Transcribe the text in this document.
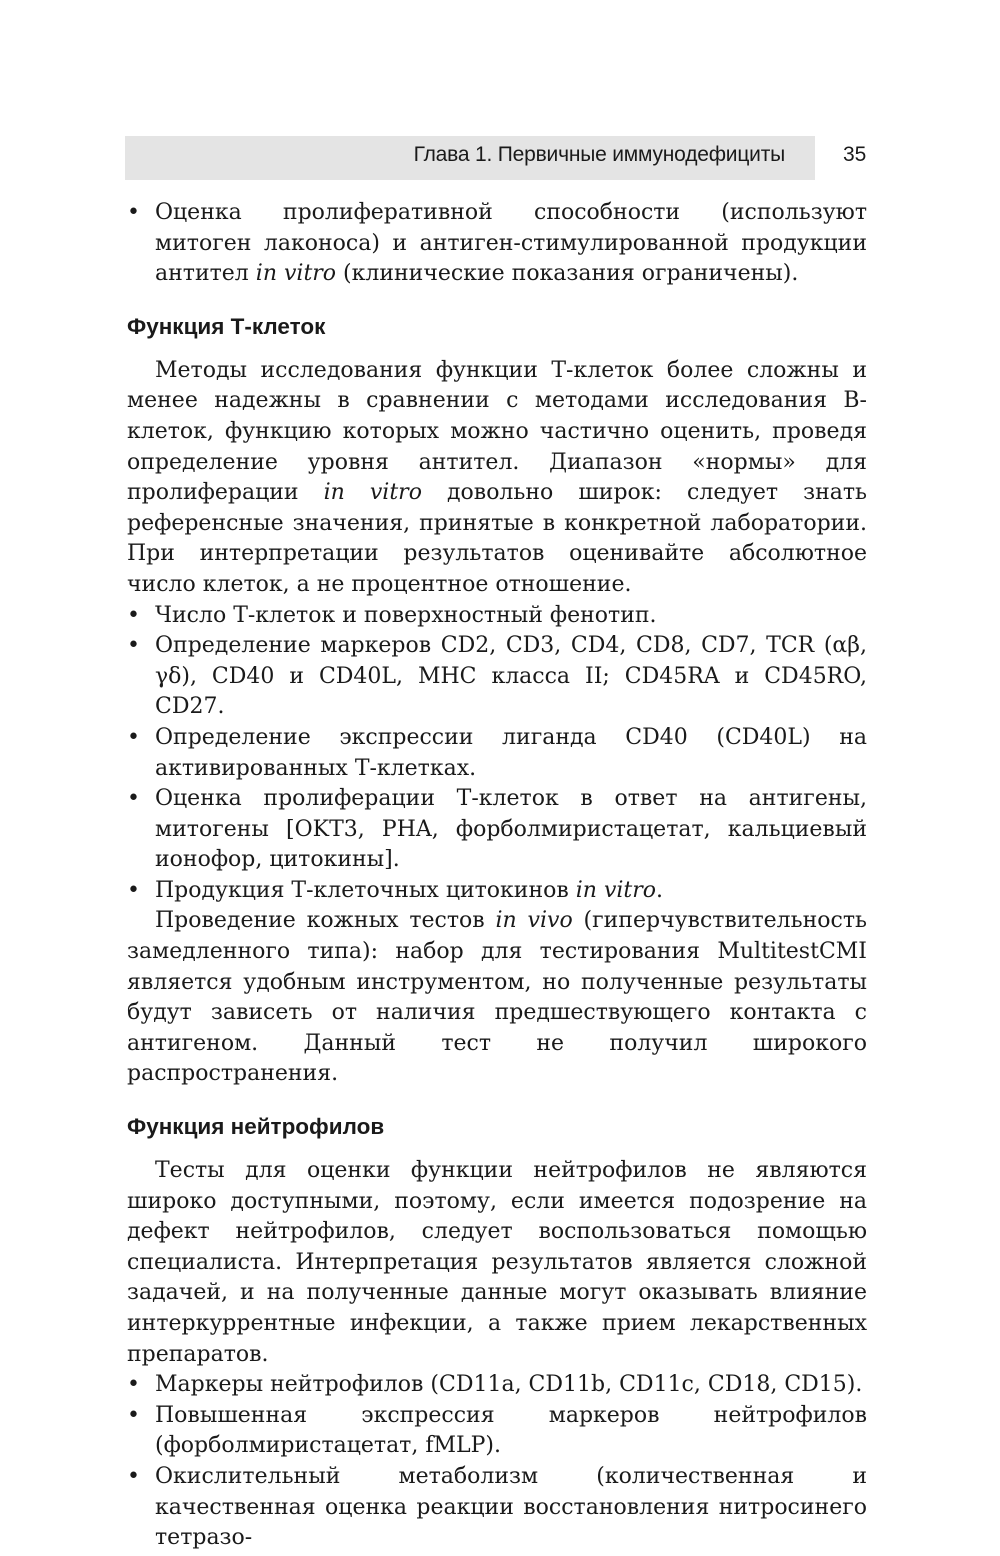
Глава 1. Первичные иммунодефициты	35

• Оценка пролиферативной способности (используют митоген лаконоса) и антиген-стимулированной продукции антител in vitro (клинические показания ограничены).

Функция Т-клеток

Методы исследования функции Т-клеток более сложны и менее надежны в сравнении с методами исследования В-клеток, функцию которых можно частично оценить, проведя определение уровня антител. Диапазон «нормы» для пролиферации in vitro довольно широк: следует знать референсные значения, принятые в конкретной лаборатории. При интерпретации результатов оценивайте абсолютное число клеток, а не процентное отношение.

• Число Т-клеток и поверхностный фенотип.

• Определение маркеров CD2, CD3, CD4, CD8, CD7, TCR (αβ, γδ), CD40 и CD40L, MHC класса II; CD45RA и CD45RO, CD27.

• Определение экспрессии лиганда CD40 (CD40L) на активированных Т-клетках.

• Оценка пролиферации Т-клеток в ответ на антигены, митогены [OKT3, PHA, форболмиристацетат, кальциевый ионофор, цитокины].

• Продукция Т-клеточных цитокинов in vitro.

Проведение кожных тестов in vivo (гиперчувствительность замедленного типа): набор для тестирования MultitestCMI является удобным инструментом, но полученные результаты будут зависеть от наличия предшествующего контакта с антигеном. Данный тест не получил широкого распространения.

Функция нейтрофилов

Тесты для оценки функции нейтрофилов не являются широко доступными, поэтому, если имеется подозрение на дефект нейтрофилов, следует воспользоваться помощью специалиста. Интерпретация результатов является сложной задачей, и на полученные данные могут оказывать влияние интеркуррентные инфекции, а также прием лекарственных препаратов.

• Маркеры нейтрофилов (CD11a, CD11b, CD11c, CD18, CD15).

• Повышенная экспрессия маркеров нейтрофилов (форболмиристацетат, fMLP).

• Окислительный метаболизм (количественная и качественная оценка реакции восстановления нитросинего тетразо-
